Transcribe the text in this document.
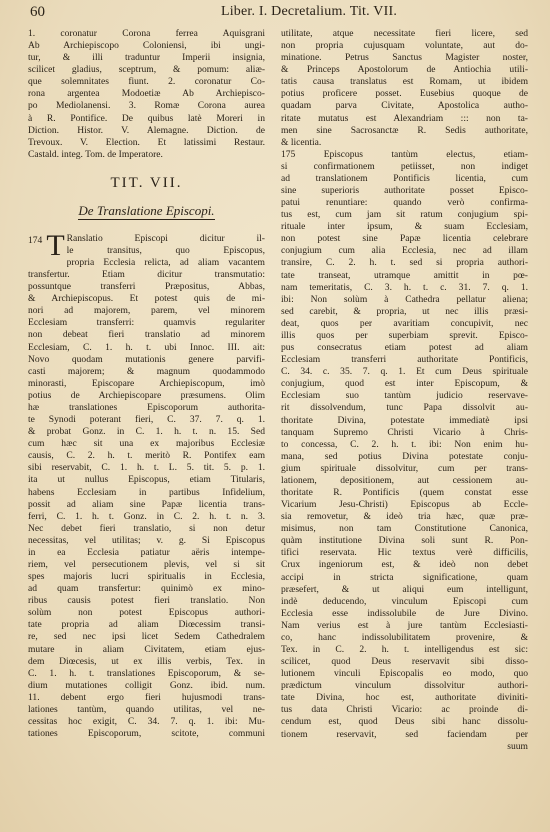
60	Liber. I. Decretalium. Tit. VII.
1. coronatur Corona ferrea Aquisgrani
Ab Archiepiscopo Coloniensi, ibi ungi-
tur, & illi traduntur Imperii insignia,
scilicet gladius, sceptrum, & pomum: aliæ-
que solemnitates fiunt. 2. coronatur Co-
rona argentea Modoetiæ Ab Archiepisco-
po Mediolanensi. 3. Romæ Corona aurea
à R. Pontifice. De quibus latè Moreri in
Diction. Histor. V. Alemagne. Diction. de
Trevoux. V. Election. Et latissimi Restaur.
Castald. integ. Tom. de Imperatore.
TIT. VII.
De Translatione Episcopi.
174 T Ranslatio Episcopi dicitur il-
le transitus, quo Episcopus,
propria Ecclesia relicta, ad aliam vacantem
transfertur. Etiam dicitur transmutatio:
possuntque transferri Præpositus, Abbas,
& Archiepiscopus. Et potest quis de mi-
nori ad majorem, parem, vel minorem
Ecclesiam transferri: quamvis regulariter
non debeat fieri translatio ad minorem
Ecclesiam, C. 1. h. t. ubi Innoc. III. ait:
Novo quodam mutationis genere parvifi-
casti majorem; & magnum quodammodo
minorasti, Episcopare Archiepiscopum, imò
potius de Archiepiscopare præsumens. Olim
hæ translationes Episcoporum authorita-
te Synodi poterant fieri, C. 37. 7. q. 1.
& probat Gonz. in C. 1. h. t. n. 15. Sed
cum hæc sit una ex majoribus Ecclesiæ
causis, C. 2. h. t. meritò R. Pontifex eam
sibi reservabit, C. 1. h. t. L. 5. tit. 5. p. 1.
ita ut nullus Episcopus, etiam Titularis,
habens Ecclesiam in partibus Infidelium,
possit ad aliam sine Papæ licentia trans-
ferri, C. 1. h. t. Gonz. in C. 2. h. t. n. 3.
Nec debet fieri translatio, si non detur
necessitas, vel utilitas; v. g. Si Episcopus
in ea Ecclesia patiatur aëris intempe-
riem, vel persecutionem plevis, vel si sit
spes majoris lucri spiritualis in Ecclesia,
ad quam transfertur: quinimò ex mino-
ribus causis potest fieri translatio. Non
solùm non potest Episcopus authori-
tate propria ad aliam Diœcessim transi-
re, sed nec ipsi licet Sedem Cathedralem
mutare in aliam Civitatem, etiam ejus-
dem Diœcesis, ut ex illis verbis, Tex. in
C. 1. h. t. translationes Episcoporum, & se-
dium mutationes colligit Gonz. ibid. num.
11. debent ergo fieri hujusmodi trans-
lationes tantùm, quando utilitas, vel ne-
cessitas hoc exigit, C. 34. 7. q. 1. ibi: Mu-
tationes Episcoporum, scitote, communi
utilitate, atque necessitate fieri licere, sed
non propria cujusquam voluntate, aut do-
minatione. Petrus Sanctus Magister noster,
& Princeps Apostolorum de Antiochia utili-
tatis causa translatus est Romam, ut ibidem
potius proficere posset. Eusebius quoque de
quadam parva Civitate, Apostolica autho-
ritate mutatus est Alexandriam ::: non ta-
men sine Sacrosanctæ R. Sedis authoritate,
& licentia.
175 Episcopus tantùm electus, etiam-
si confirmationem petiisset, non indiget
ad translationem Pontificis licentia, cum
sine superioris authoritate posset Episco-
patui renuntiare: quando verò confirma-
tus est, cum jam sit ratum conjugium spi-
rituale inter ipsum, & suam Ecclesiam,
non potest sine Papæ licentia celebrare
conjugium cum alia Ecclesia, nec ad illam
transire, C. 2. h. t. sed si propria authori-
tate transeat, utramque amittit in pœ-
nam temeritatis, C. 3. h. t. c. 31. 7. q. 1.
ibi: Non solùm à Cathedra pellatur aliena;
sed carebit, & propria, ut nec illis præsi-
deat, quos per avaritiam concupivit, nec
illis quos per superbiam sprevit. Episco-
pus consecratus etiam potest ad aliam
Ecclesiam transferri authoritate Pontificis,
C. 34. c. 35. 7. q. 1. Et cum Deus spirituale
conjugium, quod est inter Episcopum, &
Ecclesiam suo tantùm judicio reservave-
rit dissolvendum, tunc Papa dissolvit au-
thoritate Divina, potestate immediatè ipsi
tanquam Supremo Christi Vicario à Chris-
to concessa, C. 2. h. t. ibi: Non enim hu-
mana, sed potius Divina potestate conju-
gium spirituale dissolvitur, cum per trans-
lationem, depositionem, aut cessionem au-
thoritate R. Pontificis (quem constat esse
Vicarium Jesu-Christi) Episcopus ab Eccle-
sia removetur, & ideò tria hæc, quæ præ-
misimus, non tam Constitutione Canonica,
quàm institutione Divina soli sunt R. Pon-
tifici reservata. Hic textus verè difficilis,
Crux ingeniorum est, & ideò non debet
accipi in stricta significatione, quam
præsefert, & ut aliqui eum intelligunt,
indè deducendo, vinculum Episcopi cum
Ecclesia esse indissolubile de Jure Divino.
Nam verius est à jure tantùm Ecclesiasti-
co, hanc indissolubilitatem provenire, &
Tex. in C. 2. h. t. intelligendus est sic:
scilicet, quod Deus reservavit sibi disso-
lutionem vinculi Episcopalis eo modo, quo
prædictum vinculum dissolvitur authori-
tate Divina, hoc est, authoritate diviniti-
tus data Christi Vicario: ac proinde di-
cendum est, quod Deus sibi hanc dissolu-
tionem reservavit, sed faciendam per
suum
